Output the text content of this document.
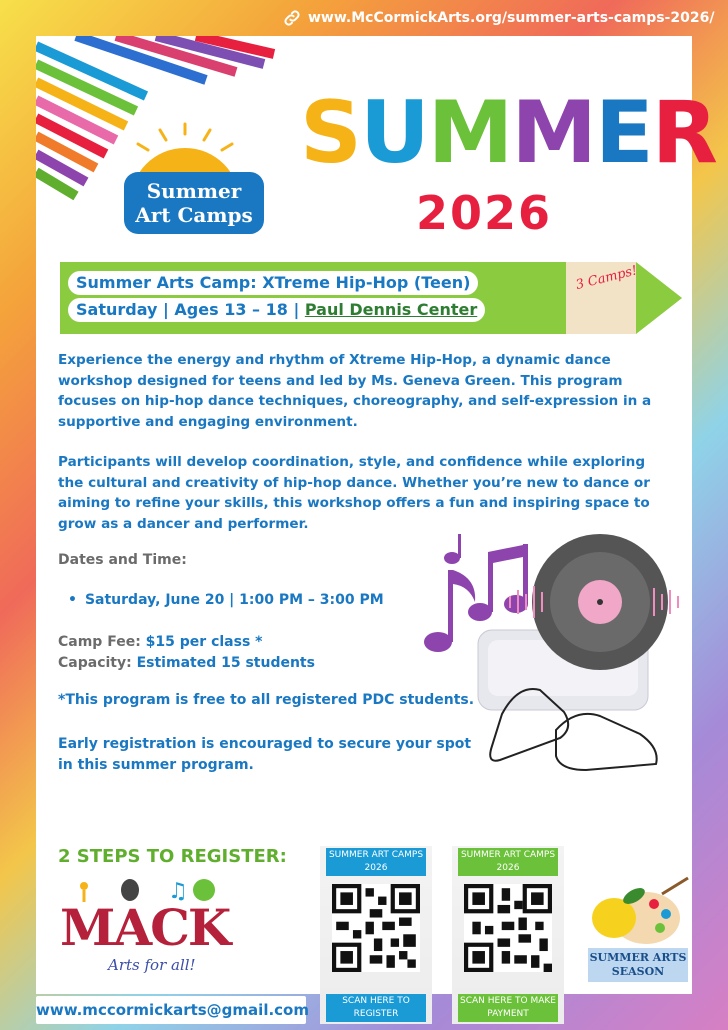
www.McCormickArts.org/summer-arts-camps-2026/
Summer
Art Camps
SUMMER
2026
Summer Arts Camp: XTreme Hip-Hop (Teen)
Saturday | Ages 13 – 18 | Paul Dennis Center
3 Camps!
Experience the energy and rhythm of Xtreme Hip-Hop, a dynamic dance workshop designed for teens and led by Ms. Geneva Green. This program focuses on hip-hop dance techniques, choreography, and self-expression in a supportive and engaging environment.
Participants will develop coordination, style, and confidence while exploring the cultural and creativity of hip-hop dance. Whether you’re new to dance or aiming to refine your skills, this workshop offers a fun and inspiring space to grow as a dancer and performer.
Dates and Time:
• Saturday, June 20 | 1:00 PM – 3:00 PM
Camp Fee: $15 per class *
Capacity: Estimated 15 students
*This program is free to all registered PDC students.
Early registration is encouraged to secure your spot in this summer program.
2 STEPS TO REGISTER:
♫
MACK
Arts for all!
SUMMER ART CAMPS 2026
SCAN HERE TO REGISTER
SUMMER ART CAMPS 2026
SCAN HERE TO MAKE PAYMENT
SUMMER ARTS SEASON
www.mccormickarts@gmail.com
